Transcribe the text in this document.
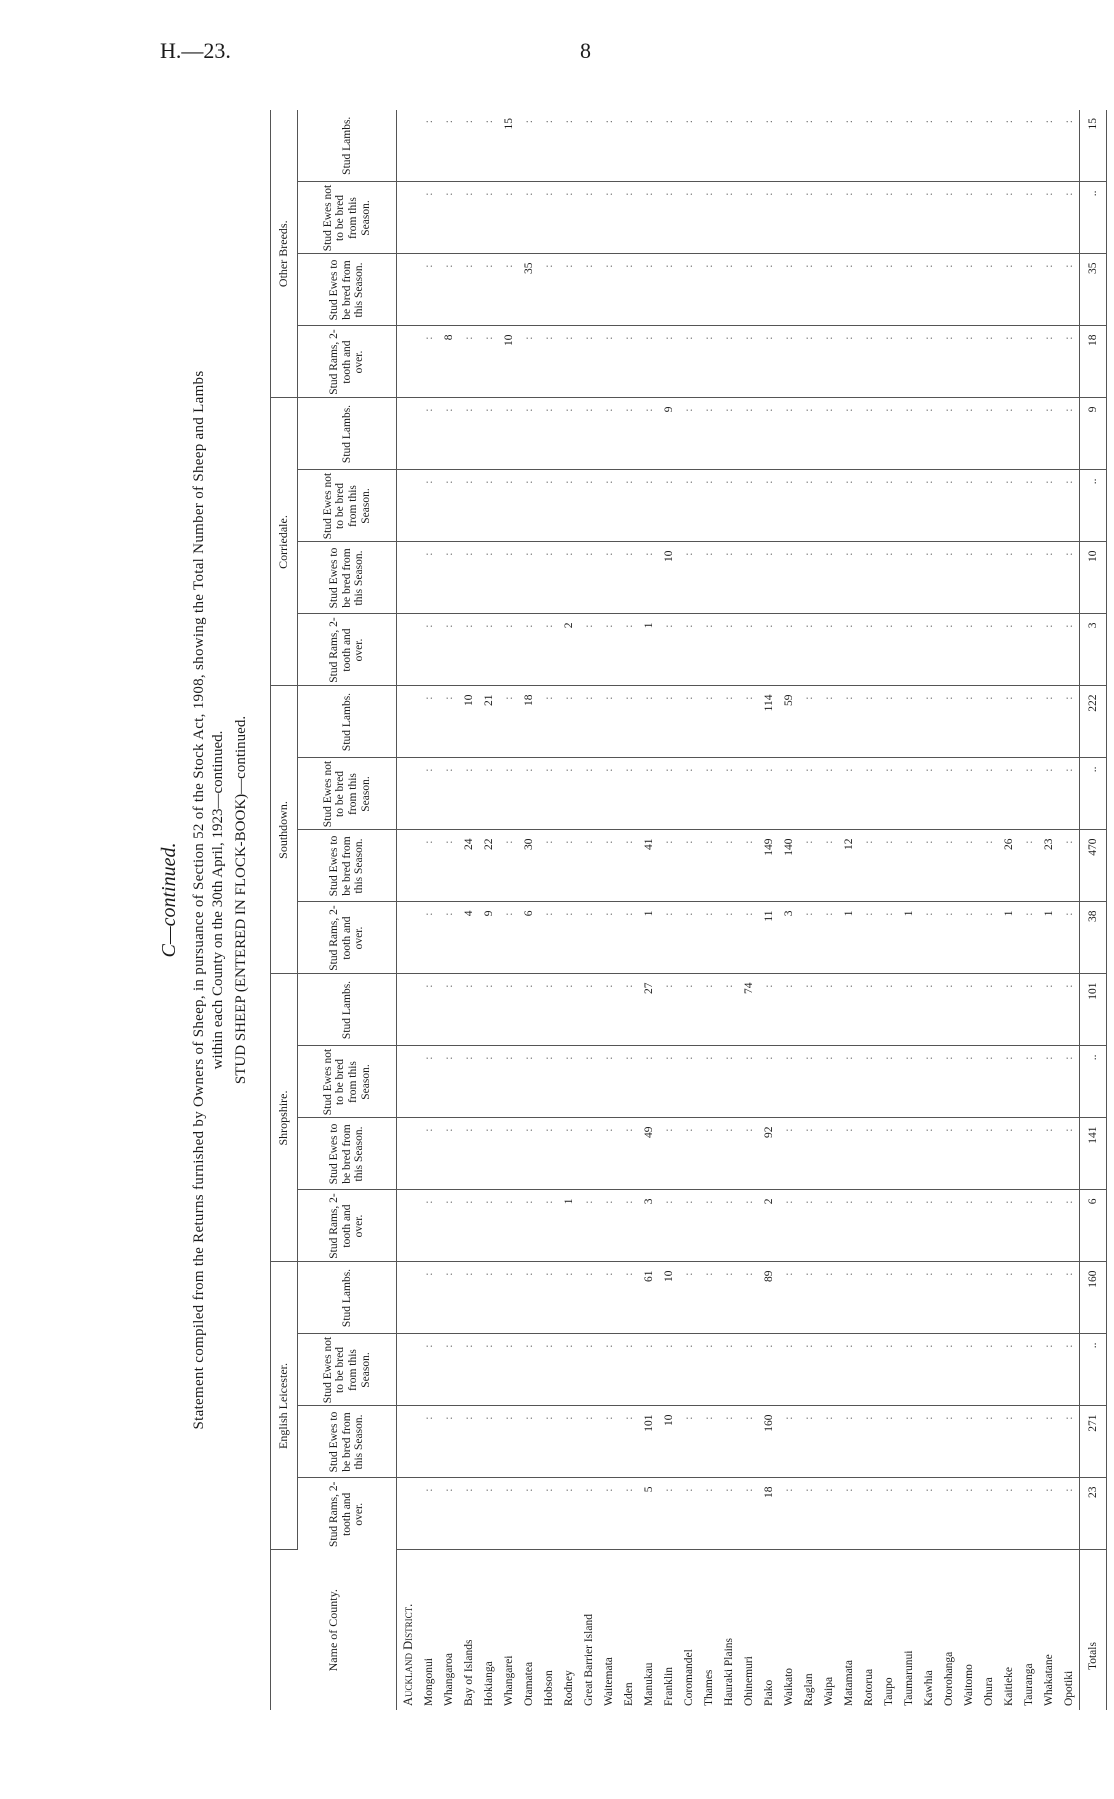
H.—23.	8
C—continued. Statement compiled from the Returns furnished by Owners of Sheep, in pursuance of Section 52 of the Stock Act, 1908, showing the Total Number of Sheep and Lambs within each County on the 30th April, 1923—continued. STUD SHEEP (ENTERED IN FLOCK-BOOK)—continued.
Name of County.	English Leicester.				Shropshire.				Southdown.				Corriedale.				Other Breeds.			
	Stud Rams, 2-tooth and over.	Stud Ewes to be bred from this Season.	Stud Ewes not to be bred from this Season.	Stud Lambs.	Stud Rams, 2-tooth and over.	Stud Ewes to be bred from this Season.	Stud Ewes not to be bred from this Season.	Stud Lambs.	Stud Rams, 2-tooth and over.	Stud Ewes to be bred from this Season.	Stud Ewes not to be bred from this Season.	Stud Lambs.	Stud Rams, 2-tooth and over.	Stud Ewes to be bred from this Season.	Stud Ewes not to be bred from this Season.	Stud Lambs.	Stud Rams, 2-tooth and over.	Stud Ewes to be bred from this Season.	Stud Ewes not to be bred from this Season.	Stud Lambs.
Auckland District.																				
Mongonui	:	:	:	:	:	:	:	:	:	:	:	:	:	:	:	:	:	:	:	:
Whangaroa	:	:	:	:	:	:	:	:	:	:	:	:	:	:	:	:	8	:	:	:
Bay of Islands	:	:	:	:	:	:	:	:	4	24	:	10	:	:	:	:	:	:	:	:
Hokianga	:	:	:	:	:	:	:	:	9	22	:	21	:	:	:	:	:	:	:	:
Whangarei	:	:	:	:	:	:	:	:	:	:	:	:	:	:	:	:	10	:	:	15
Otamatea	:	:	:	:	:	:	:	:	6	30	:	18	:	:	:	:	:	35	:	:
Hobson	:	:	:	:	:	:	:	:	:	:	:	:	:	:	:	:	:	:	:	:
Rodney	:	:	:	:	1	:	:	:	:	:	:	:	2	:	:	:	:	:	:	:
Great Barrier Island	:	:	:	:	:	:	:	:	:	:	:	:	:	:	:	:	:	:	:	:
Waitemata	:	:	:	:	:	:	:	:	:	:	:	:	:	:	:	:	:	:	:	:
Eden	:	:	:	:	:	:	:	:	:	:	:	:	:	:	:	:	:	:	:	:
Manukau	5	101	:	61	3	49	:	27	1	41	:	:	1	:	:	:	:	:	:	:
Franklin	:	10	:	10	:	:	:	:	:	:	:	:	:	10	:	9	:	:	:	:
Coromandel	:	:	:	:	:	:	:	:	:	:	:	:	:	:	:	:	:	:	:	:
Thames	:	:	:	:	:	:	:	:	:	:	:	:	:	:	:	:	:	:	:	:
Hauraki Plains	:	:	:	:	:	:	:	:	:	:	:	:	:	:	:	:	:	:	:	:
Ohinemuri	:	:	:	:	:	:	:	74	:	:	:	:	:	:	:	:	:	:	:	:
Piako	18	160	:	89	2	92	:	:	11	149	:	114	:	:	:	:	:	:	:	:
Waikato	:	:	:	:	:	:	:	:	3	140	:	59	:	:	:	:	:	:	:	:
Raglan	:	:	:	:	:	:	:	:	:	:	:	:	:	:	:	:	:	:	:	:
Waipa	:	:	:	:	:	:	:	:	:	:	:	:	:	:	:	:	:	:	:	:
Matamata	:	:	:	:	:	:	:	:	1	12	:	:	:	:	:	:	:	:	:	:
Rotorua	:	:	:	:	:	:	:	:	:	:	:	:	:	:	:	:	:	:	:	:
Taupo	:	:	:	:	:	:	:	:	:	:	:	:	:	:	:	:	:	:	:	:
Taumarunui	:	:	:	:	:	:	:	:	1	:	:	:	:	:	:	:	:	:	:	:
Kawhia	:	:	:	:	:	:	:	:	:	:	:	:	:	:	:	:	:	:	:	:
Otorohanga	:	:	:	:	:	:	:	:	:	:	:	:	:	:	:	:	:	:	:	:
Waitomo	:	:	:	:	:	:	:	:	:	:	:	:	:	:	:	:	:	:	:	:
Ohura	:	:	:	:	:	:	:	:	:	:	:	:	:	:	:	:	:	:	:	:
Kaitieke	:	:	:	:	:	:	:	:	1	26	:	:	:	:	:	:	:	:	:	:
Tauranga	:	:	:	:	:	:	:	:	:	:	:	:	:	:	:	:	:	:	:	:
Whakatane	:	:	:	:	:	:	:	:	1	23	:	:	:	:	:	:	:	:	:	:
Opotiki	:	:	:	:	:	:	:	:	:	:	:	:	:	:	:	:	:	:	:	:
Totals	23	271	..	160	6	141	..	101	38	470	..	222	3	10	..	9	18	35	..	15
